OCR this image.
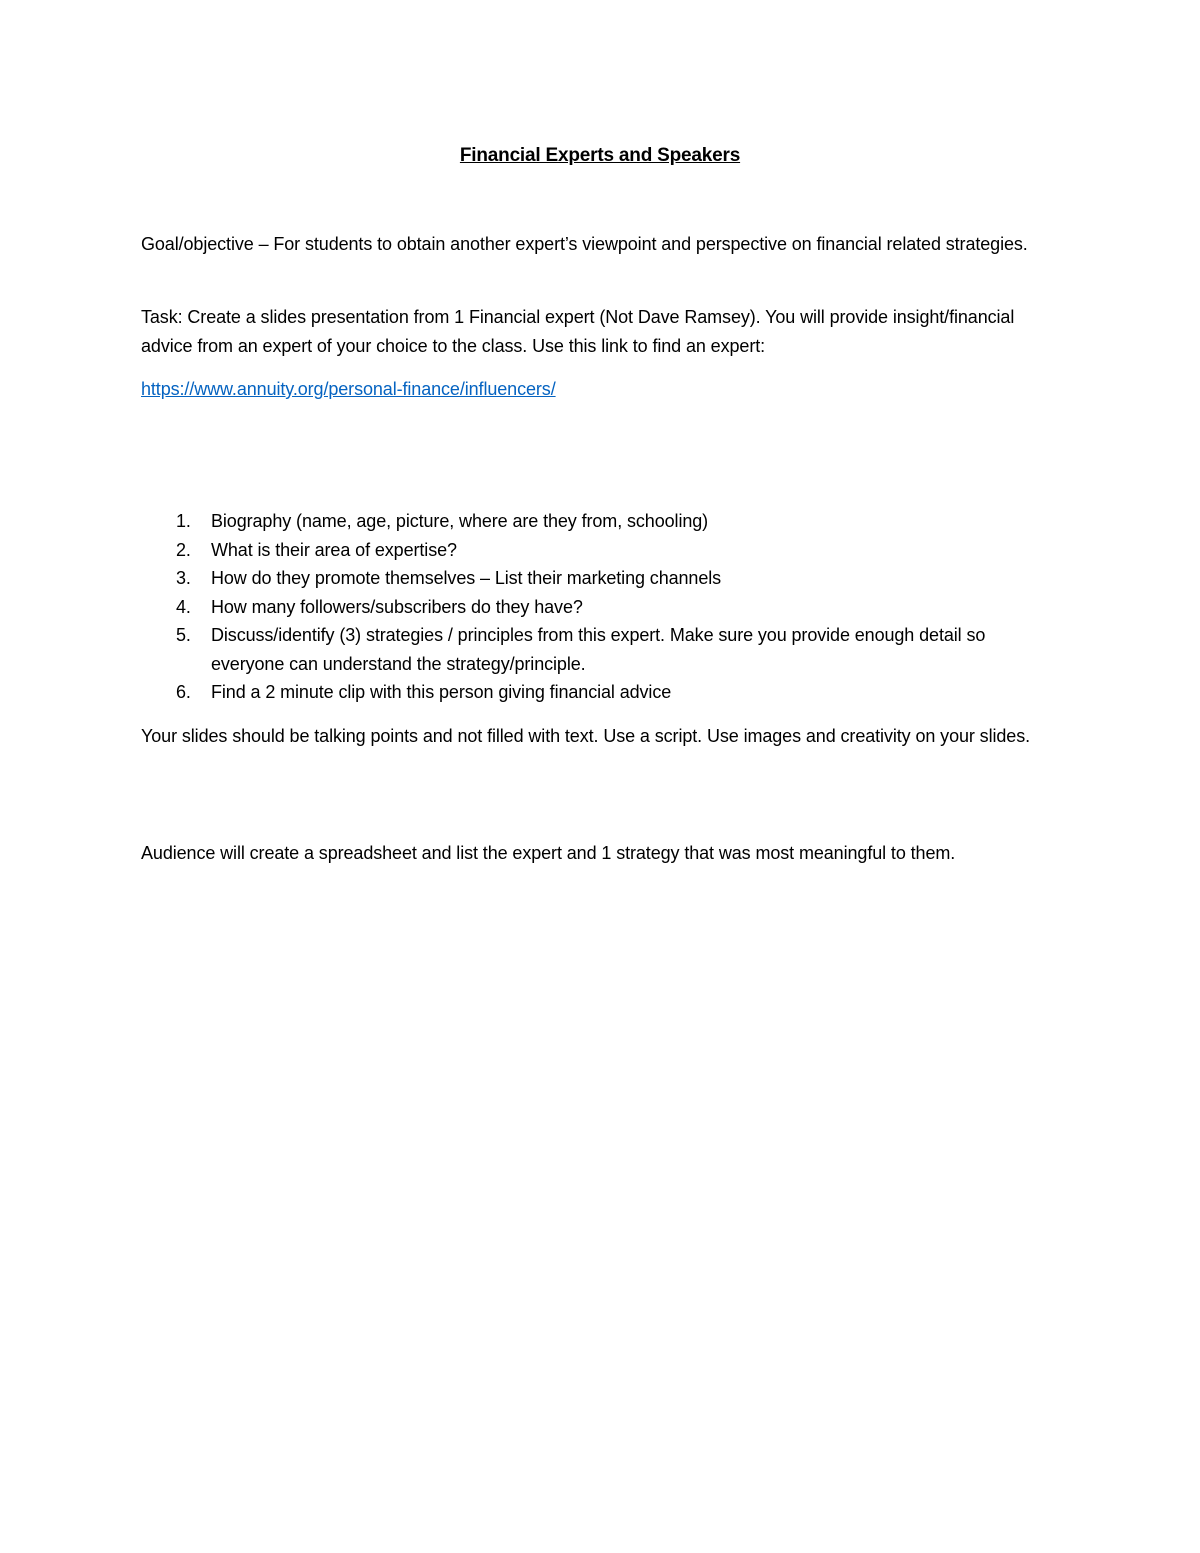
Financial Experts and Speakers

Goal/objective – For students to obtain another expert’s viewpoint and perspective on financial related strategies.

Task: Create a slides presentation from 1 Financial expert (Not Dave Ramsey). You will provide insight/financial advice from an expert of your choice to the class. Use this link to find an expert:

https://www.annuity.org/personal-finance/influencers/

1. Biography (name, age, picture, where are they from, schooling)
2. What is their area of expertise?
3. How do they promote themselves – List their marketing channels
4. How many followers/subscribers do they have?
5. Discuss/identify (3) strategies / principles from this expert. Make sure you provide enough detail so everyone can understand the strategy/principle.
6. Find a 2 minute clip with this person giving financial advice

Your slides should be talking points and not filled with text. Use a script. Use images and creativity on your slides.

Audience will create a spreadsheet and list the expert and 1 strategy that was most meaningful to them.
